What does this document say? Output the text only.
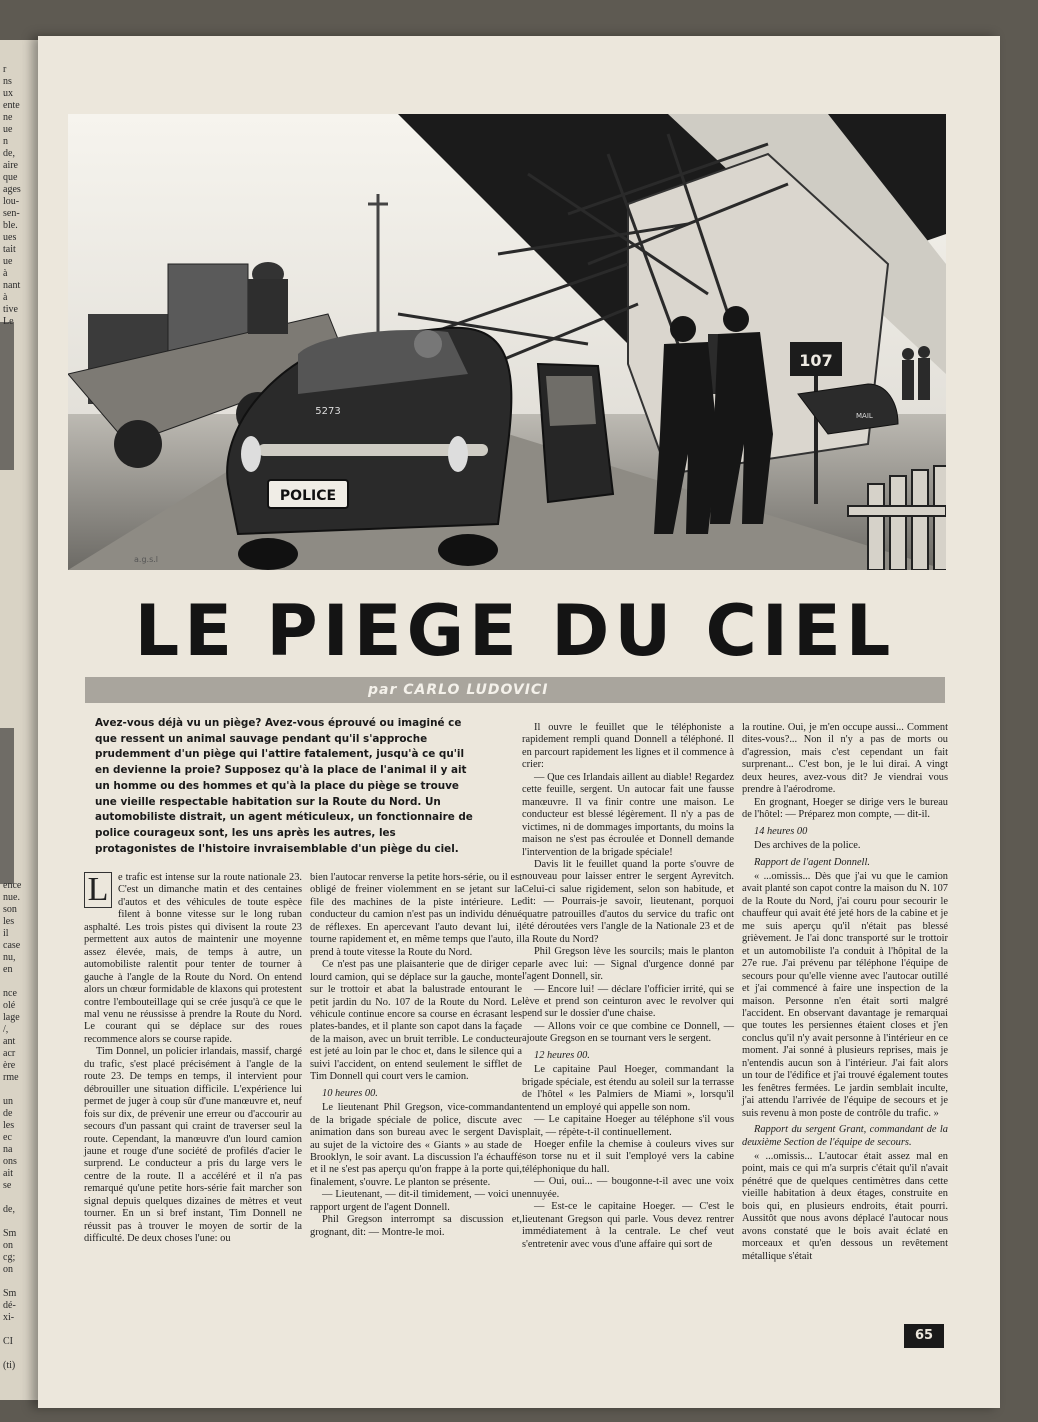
r
ns
ux
ente
ne
ue
n
de,
aire
que
ages
lou-
sen-
ble.
ues
tait
ue
à
nant
à
tive
Le
ence
nue.
son
les
il
case
nu,
en
nce
olé
lage
/,
ant
acr
ère
rme
un
de
les
ec
na
ons
ait
se
de,
Sm
on
cg;
on
Sm
dé-
xi-
CI
(ti)
POLICE
5273
107
MAIL
a.g.s.l
LE PIEGE DU CIEL
par CARLO LUDOVICI

Avez-vous déjà vu un piège? Avez-vous éprouvé ou imaginé ce que ressent un animal sauvage pendant qu'il s'approche prudemment d'un piège qui l'attire fatalement, jusqu'à ce qu'il en devienne la proie? Supposez qu'à la place de l'animal il y ait un homme ou des hommes et qu'à la place du piège se trouve une vieille respectable habitation sur la Route du Nord. Un automobiliste distrait, un agent méticuleux, un fonctionnaire de police courageux sont, les uns après les autres, les protagonistes de l'histoire invraisemblable d'un piège du ciel.

L e trafic est intense sur la route nationale 23. C'est un dimanche matin et des centaines d'autos et des véhicules de toute espèce filent à bonne vitesse sur le long ruban asphalté. Les trois pistes qui divisent la route 23 permettent aux autos de maintenir une moyenne assez élevée, mais, de temps à autre, un automobiliste ralentit pour tenter de tourner à gauche à l'angle de la Route du Nord. On entend alors un chœur formidable de klaxons qui protestent contre l'embouteillage qui se crée jusqu'à ce que le mal venu ne réussisse à prendre la Route du Nord. Le courant qui se déplace sur des roues recommence alors se course rapide.

Tim Donnel, un policier irlandais, massif, chargé du trafic, s'est placé précisément à l'angle de la route 23. De temps en temps, il intervient pour débrouiller une situation difficile. L'expérience lui permet de juger à coup sûr d'une manœuvre et, neuf fois sur dix, de prévenir une erreur ou d'accourir au secours d'un passant qui craint de traverser seul la route. Cependant, la manœuvre d'un lourd camion jaune et rouge d'une société de profilés d'acier le surprend. Le conducteur a pris du large vers le centre de la route. Il a accéléré et il n'a pas remarqué qu'une petite hors-série fait marcher son signal depuis quelques dizaines de mètres et veut tourner. En un si bref instant, Tim Donnell ne réussit pas à trouver le moyen de sortir de la difficulté. De deux choses l'une: ou

bien l'autocar renverse la petite hors-série, ou il est obligé de freiner violemment en se jetant sur la file des machines de la piste intérieure. Le conducteur du camion n'est pas un individu dénué de réflexes. En apercevant l'auto devant lui, il tourne rapidement et, en même temps que l'auto, il prend à toute vitesse la Route du Nord.

Ce n'est pas une plaisanterie que de diriger ce lourd camion, qui se déplace sur la gauche, monte sur le trottoir et abat la balustrade entourant le petit jardin du No. 107 de la Route du Nord. Le véhicule continue encore sa course en écrasant les plates-bandes, et il plante son capot dans la façade de la maison, avec un bruit terrible. Le conducteur est jeté au loin par le choc et, dans le silence qui a suivi l'accident, on entend seulement le sifflet de Tim Donnell qui court vers le camion.

10 heures 00.

Le lieutenant Phil Gregson, vice-commandant de la brigade spéciale de police, discute avec animation dans son bureau avec le sergent Davis au sujet de la victoire des « Giants » au stade de Brooklyn, le soir avant. La discussion l'a échauffé et il ne s'est pas aperçu qu'on frappe à la porte qui, finalement, s'ouvre. Le planton se présente.

— Lieutenant, — dit-il timidement, — voici un rapport urgent de l'agent Donnell.

Phil Gregson interrompt sa discussion et, grognant, dit: — Montre-le moi.

Il ouvre le feuillet que le téléphoniste a rapidement rempli quand Donnell a téléphoné. Il en parcourt rapidement les lignes et il commence à crier:

— Que ces Irlandais aillent au diable! Regardez cette feuille, sergent. Un autocar fait une fausse manœuvre. Il va finir contre une maison. Le conducteur est blessé légèrement. Il n'y a pas de victimes, ni de dommages importants, du moins la maison ne s'est pas écroulée et Donnell demande l'intervention de la brigade spéciale!

Davis lit le feuillet quand la porte s'ouvre de nouveau pour laisser entrer le sergent Ayrevitch. Celui-ci salue rigidement, selon son habitude, et dit: — Pourrais-je savoir, lieutenant, porquoi quatre patrouilles d'autos du service du trafic ont été déroutées vers l'angle de la Nationale 23 et de la Route du Nord?

Phil Gregson lève les sourcils; mais le planton parle avec lui: — Signal d'urgence donné par l'agent Donnell, sir.

— Encore lui! — déclare l'officier irrité, qui se lève et prend son ceinturon avec le revolver qui pend sur le dossier d'une chaise.

— Allons voir ce que combine ce Donnell, — ajoute Gregson en se tournant vers le sergent.

12 heures 00.

Le capitaine Paul Hoeger, commandant la brigade spéciale, est étendu au soleil sur la terrasse de l'hôtel « les Palmiers de Miami », lorsqu'il entend un employé qui appelle son nom.

— Le capitaine Hoeger au téléphone s'il vous plait, — répète-t-il continuellement.

Hoeger enfile la chemise à couleurs vives sur son torse nu et il suit l'employé vers la cabine téléphonique du hall.

— Oui, oui... — bougonne-t-il avec une voix ennuyée.

— Est-ce le capitaine Hoeger. — C'est le lieutenant Gregson qui parle. Vous devez rentrer immédiatement à la centrale. Le chef veut s'entretenir avec vous d'une affaire qui sort de

la routine. Oui, je m'en occupe aussi... Comment dites-vous?... Non il n'y a pas de morts ou d'agression, mais c'est cependant un fait surprenant... C'est bon, je le lui dirai. A vingt deux heures, avez-vous dit? Je viendrai vous prendre à l'aérodrome.

En grognant, Hoeger se dirige vers le bureau de l'hôtel: — Préparez mon compte, — dit-il.

14 heures 00

Des archives de la police.

Rapport de l'agent Donnell.

« ...omissis... Dès que j'ai vu que le camion avait planté son capot contre la maison du N. 107 de la Route du Nord, j'ai couru pour secourir le chauffeur qui avait été jeté hors de la cabine et je me suis aperçu qu'il n'était pas blessé grièvement. Je l'ai donc transporté sur le trottoir et un automobiliste l'a conduit à l'hôpital de la 27e rue. J'ai prévenu par téléphone l'équipe de secours pour qu'elle vienne avec l'autocar outillé et j'ai commencé à faire une inspection de la maison. Personne n'en était sorti malgré l'accident. En observant davantage je remarquai que toutes les persiennes étaient closes et j'en conclus qu'il n'y avait personne à l'intérieur en ce moment. J'ai sonné à plusieurs reprises, mais je n'entendis aucun son à l'intérieur. J'ai fait alors un tour de l'édifice et j'ai trouvé également toutes les fenêtres fermées. Le jardin semblait inculte, j'ai attendu l'arrivée de l'équipe de secours et je suis revenu à mon poste de contrôle du trafic. »

Rapport du sergent Grant, commandant de la deuxième Section de l'équipe de secours.

« ...omissis... L'autocar était assez mal en point, mais ce qui m'a surpris c'était qu'il n'avait pénétré que de quelques centimètres dans cette vieille habitation à deux étages, construite en bois qui, en plusieurs endroits, était pourri. Aussitôt que nous avons déplacé l'autocar nous avons constaté que le bois avait éclaté en morceaux et qu'en dessous un revêtement métallique s'était

65
